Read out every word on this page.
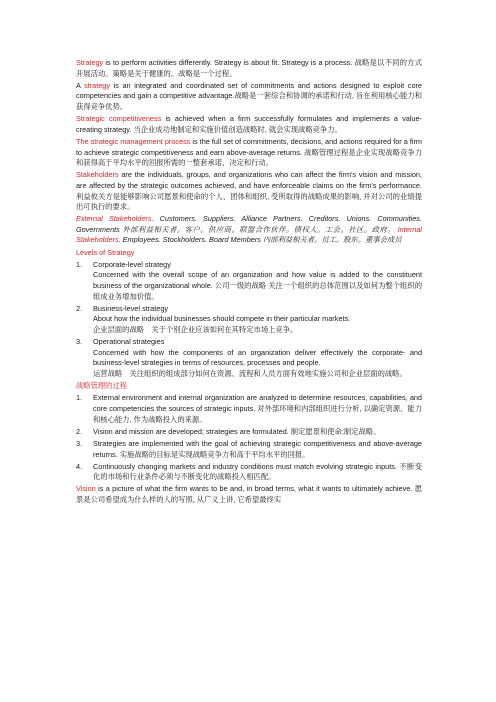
Strategy is to perform activities differently. Strategy is about fit. Strategy is a process. 战略是以不同的方式开展活动。策略是关于健康的。战略是一个过程。

A strategy is an integrated and coordinated set of commitments and actions designed to exploit core competencies and gain a competitive advantage.战略是一套综合和协调的承诺和行动, 旨在利用核心能力和获得竞争优势。

Strategic competitiveness is achieved when a firm successfully formulates and implements a value-creating strategy. 当企业成功地制定和实施价值创造战略时, 就会实现战略竞争力。

The strategic management process is the full set of commitments, decisions, and actions required for a firm to achieve strategic competitiveness and earn above-average returns. 战略管理过程是企业实现战略竞争力和获得高于平均水平的回报所需的一整套承诺、决定和行动。

Stakeholders are the individuals, groups, and organizations who can affect the firm's vision and mission, are affected by the strategic outcomes achieved, and have enforceable claims on the firm's performance. 利益攸关方是能够影响公司愿景和使命的个人、团体和组织, 受所取得的战略成果的影响, 并对公司的业绩提出可执行的要求。

External Stakeholders. Customers. Suppliers. Alliance Partners. Creditors. Unions. Communities. Governments 外部利益相关者。客户。供应商。联盟合作伙伴。债权人。工会。社区。政府。 Internal Stakeholders. Employees. Stockholders. Board Members 内部利益相关者。员工。股东。董事会成员

Levels of Strategy

1. Corporate-level strategy
Concerned with the overall scope of an organization and how value is added to the constituent business of the organizational whole. 公司一级的战略 关注一个组织的总体范围以及如何为整个组织的组成业务增加价值。
2. Business-level strategy
About how the individual businesses should compete in their particular markets.
企业层面的战略　关于个别企业应该如何在其特定市场上竞争。
3. Operational strategies
Concerned with how the components of an organization deliver effectively the corporate- and business-level strategies in terms of resources, processes and people.
运营战略　关注组织的组成部分如何在资源、流程和人员方面有效地实施公司和企业层面的战略。

战略管理的过程

1. External environment and internal organization are analyzed to determine resources, capabilities, and core competencies the sources of strategic inputs. 对外部环境和内部组织进行分析, 以确定资源、能力和核心能力, 作为战略投入的来源。
2. Vision and mission are developed; strategies are formulated. 制定愿景和使命;制定战略。
3. Strategies are implemented with the goal of achieving strategic competitiveness and above-average returns. 实施战略的目标是实现战略竞争力和高于平均水平的回报。
4. Continuously changing markets and industry conditions must match evolving strategic inputs. 不断变化的市场和行业条件必须与不断变化的战略投入相匹配。

Vision is a picture of what the firm wants to be and, in broad terms, what it wants to ultimately achieve. 愿景是公司希望成为什么样的人的写照, 从广义上讲, 它希望最终实
